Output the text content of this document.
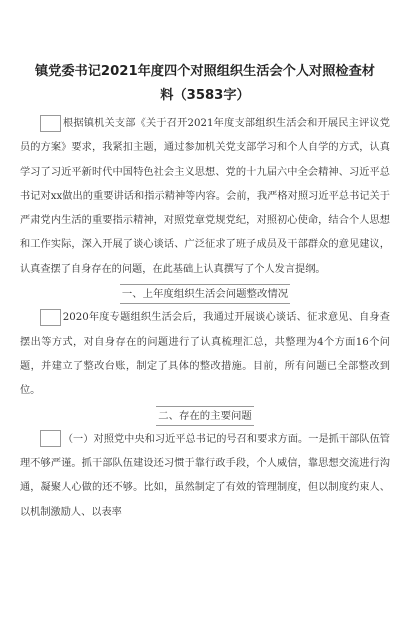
镇党委书记2021年度四个对照组织生活会个人对照检查材
料（3583字）

根据镇机关支部《关于召开2021年度支部组织生活会和开展民主评议党员的方案》要求，我紧扣主题，通过参加机关党支部学习和个人自学的方式，认真学习了习近平新时代中国特色社会主义思想、党的十九届六中全会精神、习近平总书记对xx做出的重要讲话和指示精神等内容。会前，我严格对照习近平总书记关于严肃党内生活的重要指示精神，对照党章党规党纪，对照初心使命，结合个人思想和工作实际，深入开展了谈心谈话、广泛征求了班子成员及干部群众的意见建议，认真查摆了自身存在的问题，在此基础上认真撰写了个人发言提纲。

一、上年度组织生活会问题整改情况

2020年度专题组织生活会后，我通过开展谈心谈话、征求意见、自身查摆出等方式，对自身存在的问题进行了认真梳理汇总，共整理为4个方面16个问题，并建立了整改台账，制定了具体的整改措施。目前，所有问题已全部整改到位。

二、存在的主要问题

（一）对照党中央和习近平总书记的号召和要求方面。一是抓干部队伍管理不够严谨。抓干部队伍建设还习惯于靠行政手段，个人威信，靠思想交流进行沟通，凝聚人心做的还不够。比如，虽然制定了有效的管理制度，但以制度约束人、以机制激励人、以表率
